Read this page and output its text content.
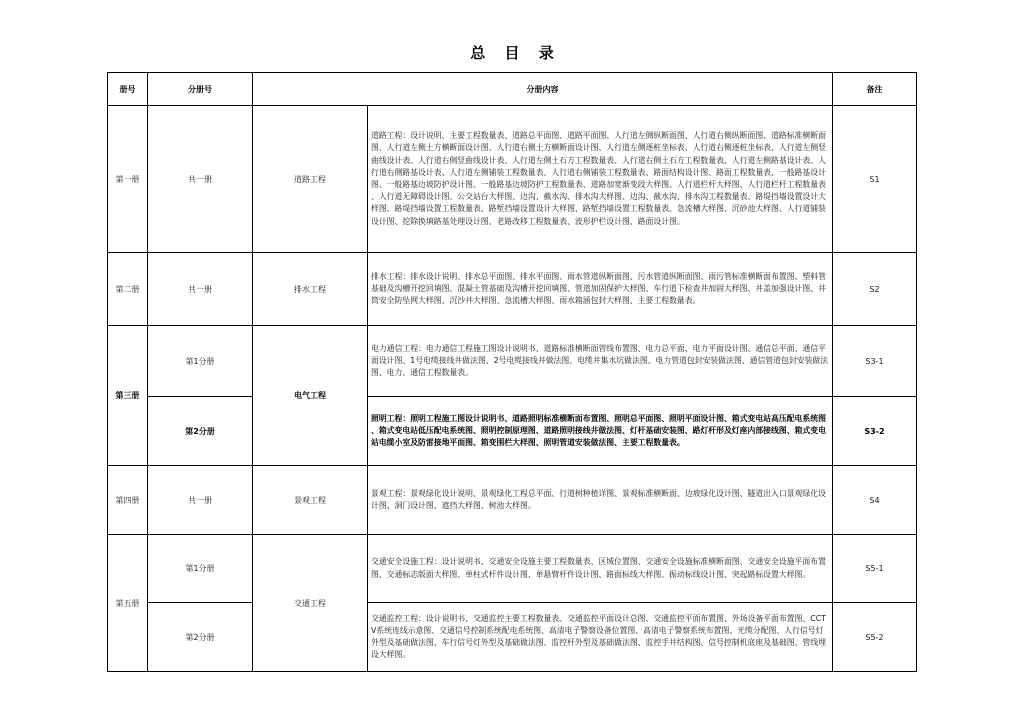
总 目 录
册号	分册号	分册内容		备注
第一册	共一册	道路工程	道路工程：设计说明、主要工程数量表、道路总平面图、道路平面图、人行道左侧纵断面图、人行道右侧纵断面图、道路标准横断面图、人行道左侧土方横断面设计图、人行道右侧土方横断面设计图、人行道左侧逐桩坐标表、人行道右侧逐桩坐标表、人行道左侧竖曲线设计表、人行道右侧竖曲线设计表、人行道左侧土石方工程数量表、人行道右侧土石方工程数量表、人行道左侧路基设计表、人行道右侧路基设计表、人行道左侧铺装工程数量表、人行道右侧铺装工程数量表、路面结构设计图、路面工程数量表、一般路基设计图、一般路基边坡防护设计图、一般路基边坡防护工程数量表、道路加宽渐变段大样图、人行道栏杆大样图、人行道栏杆工程数量表、人行道无障碍设计图、公交站台大样图、边沟、截水沟、排水沟大样图、边沟、截水沟、排水沟工程数量表、路堤挡墙设置设计大样图、路堤挡墙设置工程数量表、路堑挡墙设置设计大样图、路堑挡墙设置工程数量表、急流槽大样图、沉砂池大样图、人行道铺装设计图、挖除换填路基处理设计图、老路改移工程数量表、波形护栏设计图、路面设计图。	S1
第二册	共一册	排水工程	排水工程：排水设计说明、排水总平面图、排水平面图、雨水管道纵断面图、污水管道纵断面图、雨污管标准横断面布置图、塑料管基础及沟槽开挖回填图、混凝土管基础及沟槽开挖回填图、管道加固保护大样图、车行道下检查井加固大样图、井盖加强设计图、井筒安全防坠网大样图、沉沙井大样图、急流槽大样图、雨水箱涵包封大样图、主要工程数量表。	S2
第三册	第1分册	电气工程	电力通信工程：电力通信工程施工图设计说明书、道路标准横断面管线布置图、电力总平面、电力平面设计图、通信总平面、通信平面设计图、1号电缆接线井做法图、2号电缆接线井做法图、电缆井集水坑做法图、电力管道包封安装做法图、通信管道包封安装做法图、电力、通信工程数量表。	S3-1
	第2分册		照明工程：照明工程施工图设计说明书、道路照明标准横断面布置图、照明总平面图、照明平面设计图、箱式变电站高压配电系统图、箱式变电站低压配电系统图、照明控制原理图、道路照明接线井做法图、灯杆基础安装图、路灯杆形及灯座内部接线图、箱式变电站电缆小室及防雷接地平面图、箱变围栏大样图、照明管道安装做法图、主要工程数量表。	S3-2
第四册	共一册	景观工程	景观工程：景观绿化设计说明、景观绿化工程总平面、行道树种植详图、景观标准横断面、边坡绿化设计图、隧道出入口景观绿化设计图、洞门设计图、遮挡大样图、树池大样图。	S4
第五册	第1分册	交通工程	交通安全设施工程：设计说明书、交通安全设施主要工程数量表、区域位置图、交通安全设施标准横断面图、交通安全设施平面布置图、交通标志版面大样图、单柱式杆件设计图、单悬臂杆件设计图、路面标线大样图、振动标线设计图、突起路标设置大样图。	S5-1
	第2分册		交通监控工程：设计说明书、交通监控主要工程数量表、交通监控平面设计总图、交通监控平面布置图、外场设备平面布置图、CCTV系统连线示意图、交通信号控制系统配电系统图、高清电子警察设备位置图、高清电子警察系统布置图、光缆分配图、人行信号灯外型及基础做法图、车行信号灯外型及基础做法图、监控杆外型及基础做法图、监控手井结构图、信号控制机底座及基础图、管线埋设大样图。	S5-2
